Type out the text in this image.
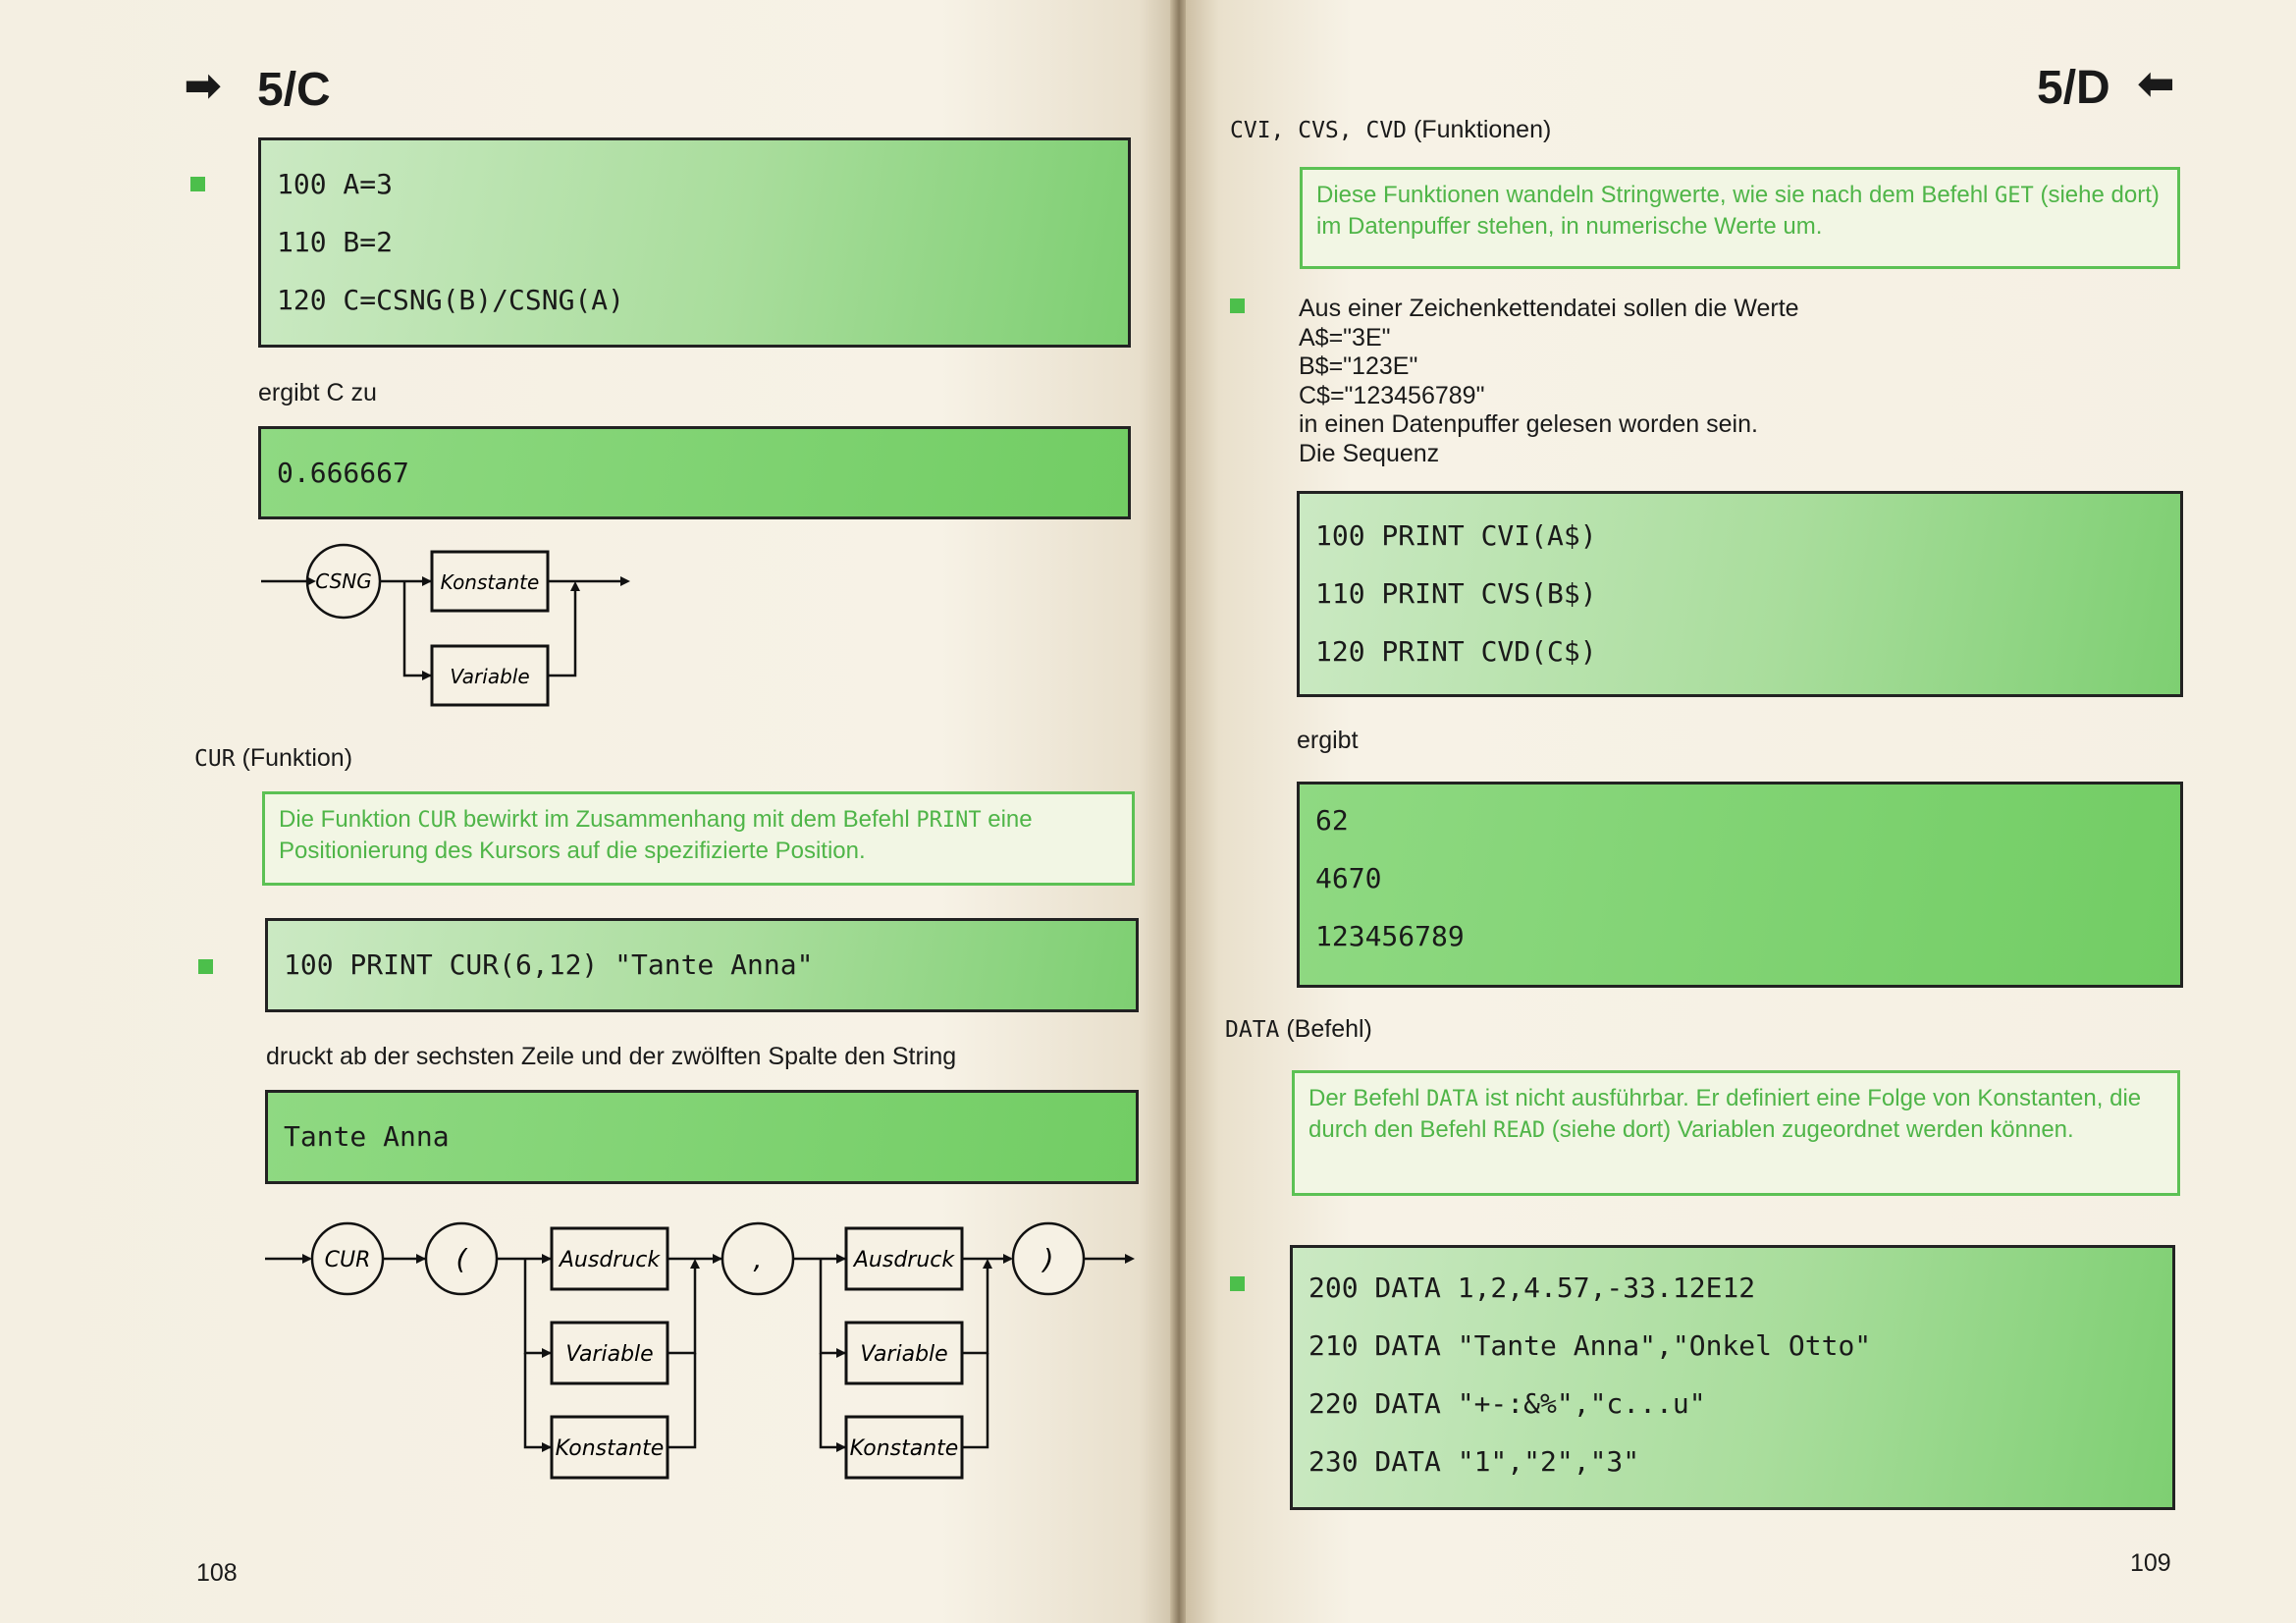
➡ 5/C
100 A=3
110 B=2
120 C=CSNG(B)/CSNG(A)
ergibt C zu
0.666667
CSNG	Konstante
Variable
CUR (Funktion)
Die Funktion CUR bewirkt im Zusammenhang mit dem Befehl PRINT eine Positionierung des Kursors auf die spezifizierte Position.
100 PRINT CUR(6,12) "Tante Anna"
druckt ab der sechsten Zeile und der zwölften Spalte den String
Tante Anna
CUR	(	Ausdruck
Variable
Konstante
,	Ausdruck
Variable
Konstante
)
108
5/D ⬅
CVI, CVS, CVD (Funktionen)
Diese Funktionen wandeln Stringwerte, wie sie nach dem Befehl GET (siehe dort) im Datenpuffer stehen, in numerische Werte um.
Aus einer Zeichenkettendatei sollen die Werte
A$="3E"
B$="123E"
C$="123456789"
in einen Datenpuffer gelesen worden sein.
Die Sequenz
100 PRINT CVI(A$)
110 PRINT CVS(B$)
120 PRINT CVD(C$)
ergibt
62
4670
123456789
DATA (Befehl)
Der Befehl DATA ist nicht ausführbar. Er definiert eine Folge von Konstanten, die durch den Befehl READ (siehe dort) Variablen zugeordnet werden können.
200 DATA 1,2,4.57,-33.12E12
210 DATA "Tante Anna","Onkel Otto"
220 DATA "+-:&%","c...u"
230 DATA "1","2","3"
109
